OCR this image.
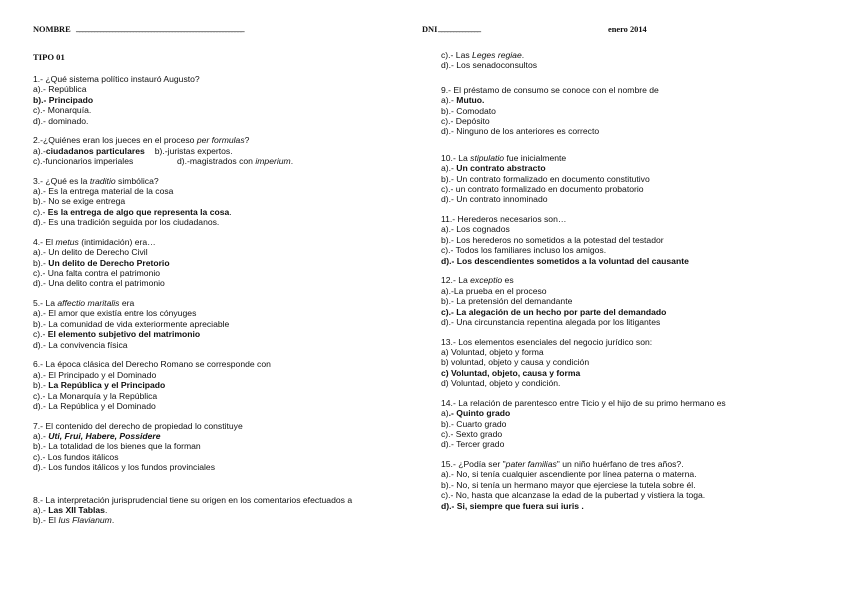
NOMBRE ________________________________________________________	DNI ______________	enero 2014
TIPO 01
1.- ¿Qué sistema político instauró Augusto?
a).- República
b).- Principado
c).- Monarquía.
d).- dominado.
2.-¿Quiénes eran los jueces en el proceso per formulas?
a).-ciudadanos particulares b).-juristas expertos.
c).-funcionarios imperiales	d).-magistrados con imperium.
3.- ¿Qué es la traditio simbólica?
a).- Es la entrega material de la cosa
b).- No se exige entrega
c).- Es la entrega de algo que representa la cosa.
d).- Es una tradición seguida por los ciudadanos.
4.- El metus (intimidación) era…
a).- Un delito de Derecho Civil
b).- Un delito de Derecho Pretorio
c).- Una falta contra el patrimonio
d).- Una delito contra el patrimonio
5.- La affectio maritalis era
a).- El amor que existía entre los cónyuges
b).- La comunidad de vida exteriormente apreciable
c).- El elemento subjetivo del matrimonio
d).- La convivencia física
6.- La época clásica del Derecho Romano se corresponde con
a).- El Principado y el Dominado
b).- La República y el Principado
c).- La Monarquía y la República
d).- La República y el Dominado
7.- El contenido del derecho de propiedad lo constituye
a).- Uti, Frui, Habere, Possidere
b).- La totalidad de los bienes que la forman
c).- Los fundos itálicos
d).- Los fundos itálicos y los fundos provinciales
8.- La interpretación jurisprudencial tiene su origen en los comentarios efectuados a
a).- Las XII Tablas.
b).- El Ius Flavianum.
c).- Las Leges regiae.
d).- Los senadoconsultos
9.- El préstamo de consumo se conoce con el nombre de
a).- Mutuo.
b).- Comodato
c).- Depósito
d).- Ninguno de los anteriores es correcto
10.- La stipulatio fue inicialmente
a).- Un contrato abstracto
b).- Un contrato formalizado en documento constitutivo
c).- un contrato formalizado en documento probatorio
d).- Un contrato innominado
11.- Herederos necesarios son…
a).- Los cognados
b).- Los herederos no sometidos a la potestad del testador
c).- Todos los familiares incluso los amigos.
d).- Los descendientes sometidos a la voluntad del causante
12.- La exceptio es
a).-La prueba en el proceso
b).- La pretensión del demandante
c).- La alegación de un hecho por parte del demandado
d).- Una circunstancia repentina alegada por los litigantes
13.- Los elementos esenciales del negocio jurídico son:
a) Voluntad, objeto y forma
b) voluntad, objeto y causa y condición
c) Voluntad, objeto, causa y forma
d) Voluntad, objeto y condición.
14.- La relación de parentesco entre Ticio y el hijo de su primo hermano es
a).- Quinto grado
b).- Cuarto grado
c).- Sexto grado
d).- Tercer grado
15.- ¿Podía ser "pater familias" un niño huérfano de tres años?.
a).- No, si tenía cualquier ascendiente por línea paterna o materna.
b).- No, si tenía un hermano mayor que ejerciese la tutela sobre él.
c).- No, hasta que alcanzase la edad de la pubertad y vistiera la toga.
d).- Si, siempre que fuera sui iuris .
